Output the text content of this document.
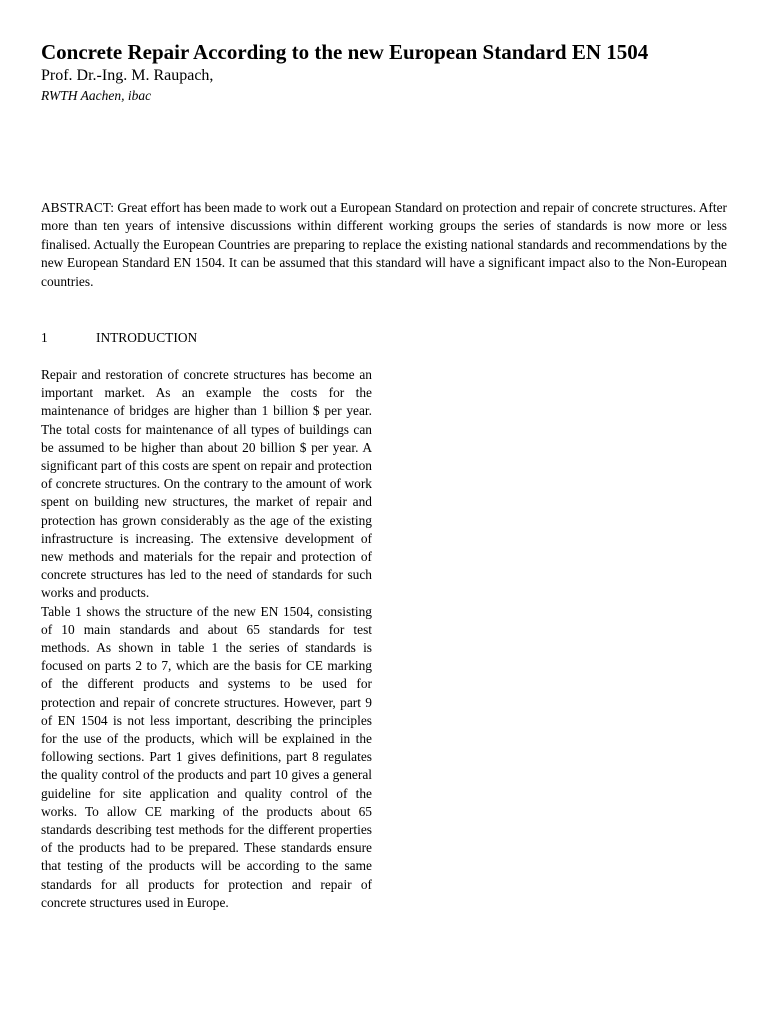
Concrete Repair According to the new European Standard EN 1504
Prof. Dr.-Ing. M. Raupach,
RWTH Aachen, ibac

ABSTRACT: Great effort has been made to work out a European Standard on protection and repair of concrete structures. After more than ten years of intensive discussions within different working groups the series of standards is now more or less finalised. Actually the European Countries are preparing to replace the existing national standards and recommendations by the new European Standard EN 1504. It can be assumed that this standard will have a significant impact also to the Non-European countries.

1	INTRODUCTION

Repair and restoration of concrete structures has become an important market. As an example the costs for the maintenance of bridges are higher than 1 billion $ per year. The total costs for maintenance of all types of buildings can be assumed to be higher than about 20 billion $ per year. A significant part of this costs are spent on repair and protection of concrete structures. On the contrary to the amount of work spent on building new structures, the market of repair and protection has grown considerably as the age of the existing infrastructure is increasing. The extensive development of new methods and materials for the repair and protection of concrete structures has led to the need of standards for such works and products.

Table 1 shows the structure of the new EN 1504, consisting of 10 main standards and about 65 standards for test methods. As shown in table 1 the series of standards is focused on parts 2 to 7, which are the basis for CE marking of the different products and systems to be used for protection and repair of concrete structures. However, part 9 of EN 1504 is not less important, describing the principles for the use of the products, which will be explained in the following sections. Part 1 gives definitions, part 8 regulates the quality control of the products and part 10 gives a general guideline for site application and quality control of the works. To allow CE marking of the products about 65 standards describing test methods for the different properties of the products had to be prepared. These standards ensure that testing of the products will be according to the same standards for all products for protection and repair of concrete structures used in Europe.
